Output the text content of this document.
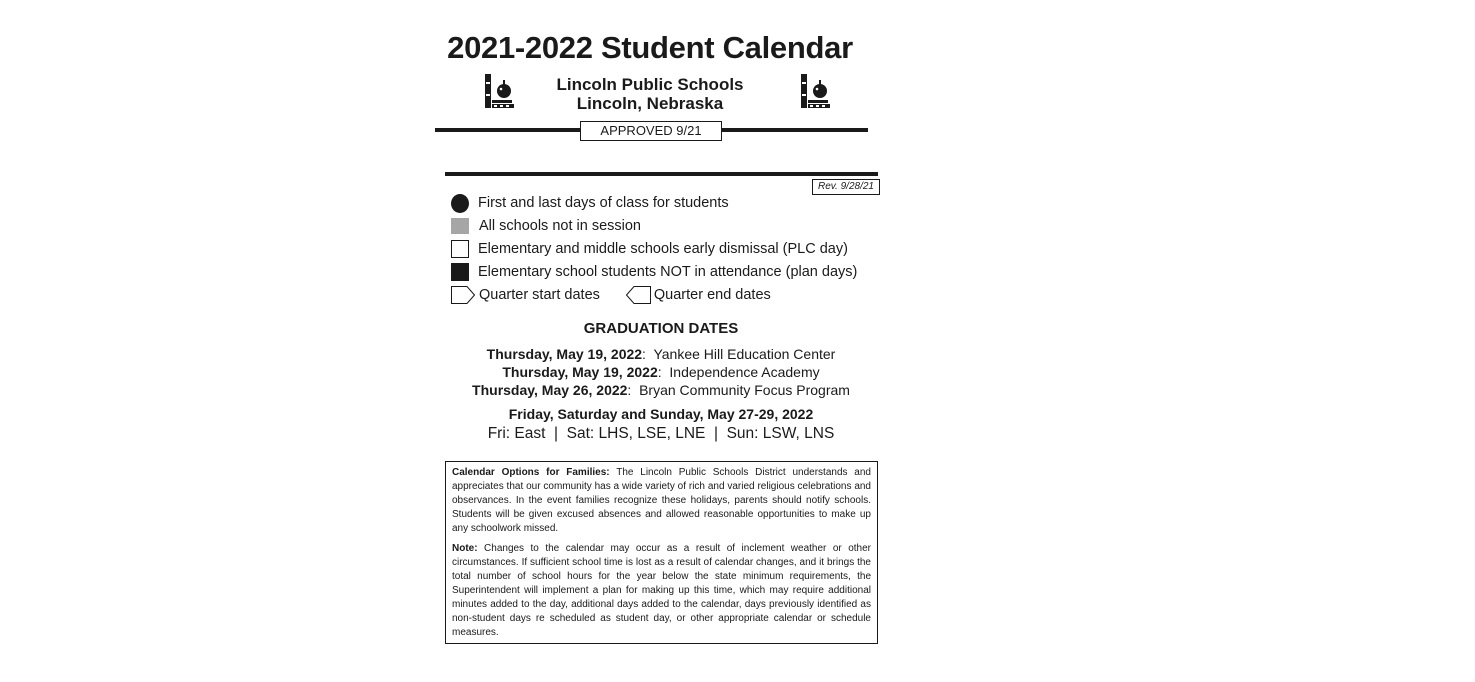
2021-2022 Student Calendar
Lincoln Public Schools
Lincoln, Nebraska
APPROVED 9/21
Rev. 9/28/21
First and last days of class for students
All schools not in session
Elementary and middle schools early dismissal (PLC day)
Elementary school students NOT in attendance (plan days)
Quarter start dates	Quarter end dates
GRADUATION DATES
Thursday, May 19, 2022:  Yankee Hill Education Center
Thursday, May 19, 2022:  Independence Academy
Thursday, May 26, 2022:  Bryan Community Focus Program
Friday, Saturday and Sunday, May 27-29, 2022
Fri: East  |  Sat: LHS, LSE, LNE  |  Sun: LSW, LNS

Calendar Options for Families: The Lincoln Public Schools District understands and appreciates that our community has a wide variety of rich and varied religious celebrations and observances. In the event families recognize these holidays, parents should notify schools. Students will be given excused absences and allowed reasonable opportunities to make up any schoolwork missed.

Note: Changes to the calendar may occur as a result of inclement weather or other circumstances. If sufficient school time is lost as a result of calendar changes, and it brings the total number of school hours for the year below the state minimum requirements, the Superintendent will implement a plan for making up this time, which may require additional minutes added to the day, additional days added to the calendar, days previously identified as non-student days re scheduled as student day, or other appropriate calendar or schedule measures.
